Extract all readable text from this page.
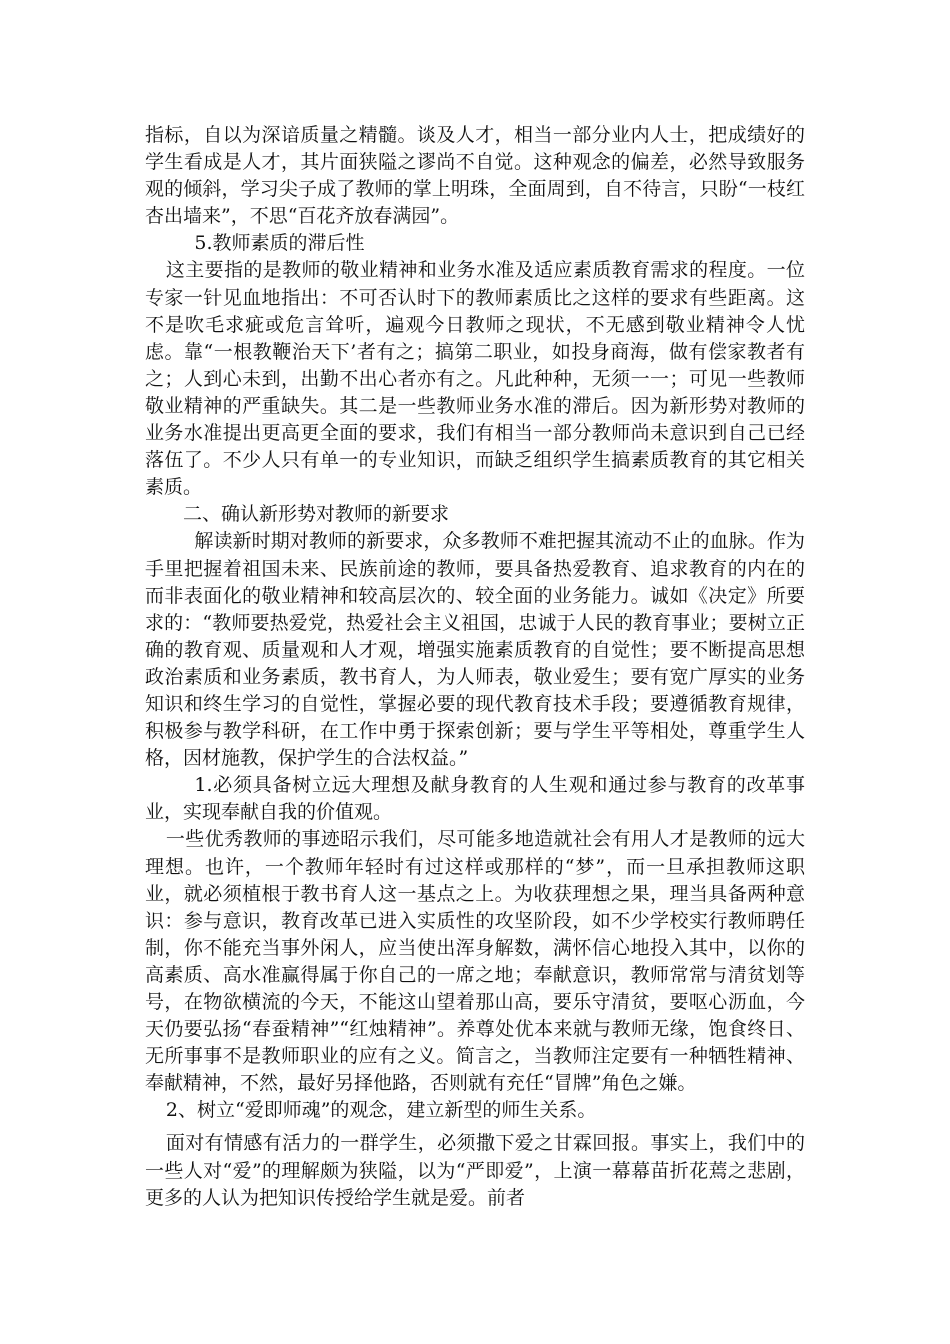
指标，自以为深谙质量之精髓。谈及人才，相当一部分业内人士，把成绩好的学生看成是人才，其片面狭隘之谬尚不自觉。这种观念的偏差，必然导致服务观的倾斜，学习尖子成了教师的掌上明珠，全面周到，自不待言，只盼“一枝红杏出墙来”，不思“百花齐放春满园”。

5.教师素质的滞后性

这主要指的是教师的敬业精神和业务水准及适应素质教育需求的程度。一位专家一针见血地指出：不可否认时下的教师素质比之这样的要求有些距离。这不是吹毛求疵或危言耸听，遍观今日教师之现状，不无感到敬业精神令人忧虑。靠“一根教鞭治天下’者有之；搞第二职业，如投身商海，做有偿家教者有之；人到心未到，出勤不出心者亦有之。凡此种种，无须一一；可见一些教师敬业精神的严重缺失。其二是一些教师业务水准的滞后。因为新形势对教师的业务水准提出更高更全面的要求，我们有相当一部分教师尚未意识到自己已经落伍了。不少人只有单一的专业知识，而缺乏组织学生搞素质教育的其它相关素质。

二、确认新形势对教师的新要求

解读新时期对教师的新要求，众多教师不难把握其流动不止的血脉。作为手里把握着祖国未来、民族前途的教师，要具备热爱教育、追求教育的内在的而非表面化的敬业精神和较高层次的、较全面的业务能力。诚如《决定》所要求的：“教师要热爱党，热爱社会主义祖国，忠诚于人民的教育事业；要树立正确的教育观、质量观和人才观，增强实施素质教育的自觉性；要不断提高思想政治素质和业务素质，教书育人，为人师表，敬业爱生；要有宽广厚实的业务知识和终生学习的自觉性，掌握必要的现代教育技术手段；要遵循教育规律，积极参与教学科研，在工作中勇于探索创新；要与学生平等相处，尊重学生人格，因材施教，保护学生的合法权益。”

1.必须具备树立远大理想及献身教育的人生观和通过参与教育的改革事业，实现奉献自我的价值观。

一些优秀教师的事迹昭示我们，尽可能多地造就社会有用人才是教师的远大理想。也许，一个教师年轻时有过这样或那样的“梦”，而一旦承担教师这职业，就必须植根于教书育人这一基点之上。为收获理想之果，理当具备两种意识：参与意识，教育改革已进入实质性的攻坚阶段，如不少学校实行教师聘任制，你不能充当事外闲人，应当使出浑身解数，满怀信心地投入其中，以你的高素质、高水准赢得属于你自己的一席之地；奉献意识，教师常常与清贫划等号，在物欲横流的今天，不能这山望着那山高，要乐守清贫，要呕心沥血，今天仍要弘扬“春蚕精神”“红烛精神”。养尊处优本来就与教师无缘，饱食终日、无所事事不是教师职业的应有之义。简言之，当教师注定要有一种牺牲精神、奉献精神，不然，最好另择他路，否则就有充任“冒牌”角色之嫌。

2、树立“爱即师魂”的观念，建立新型的师生关系。

面对有情感有活力的一群学生，必须撒下爱之甘霖回报。事实上，我们中的一些人对“爱”的理解颇为狭隘，以为“严即爱”，上演一幕幕苗折花蔫之悲剧，更多的人认为把知识传授给学生就是爱。前者
